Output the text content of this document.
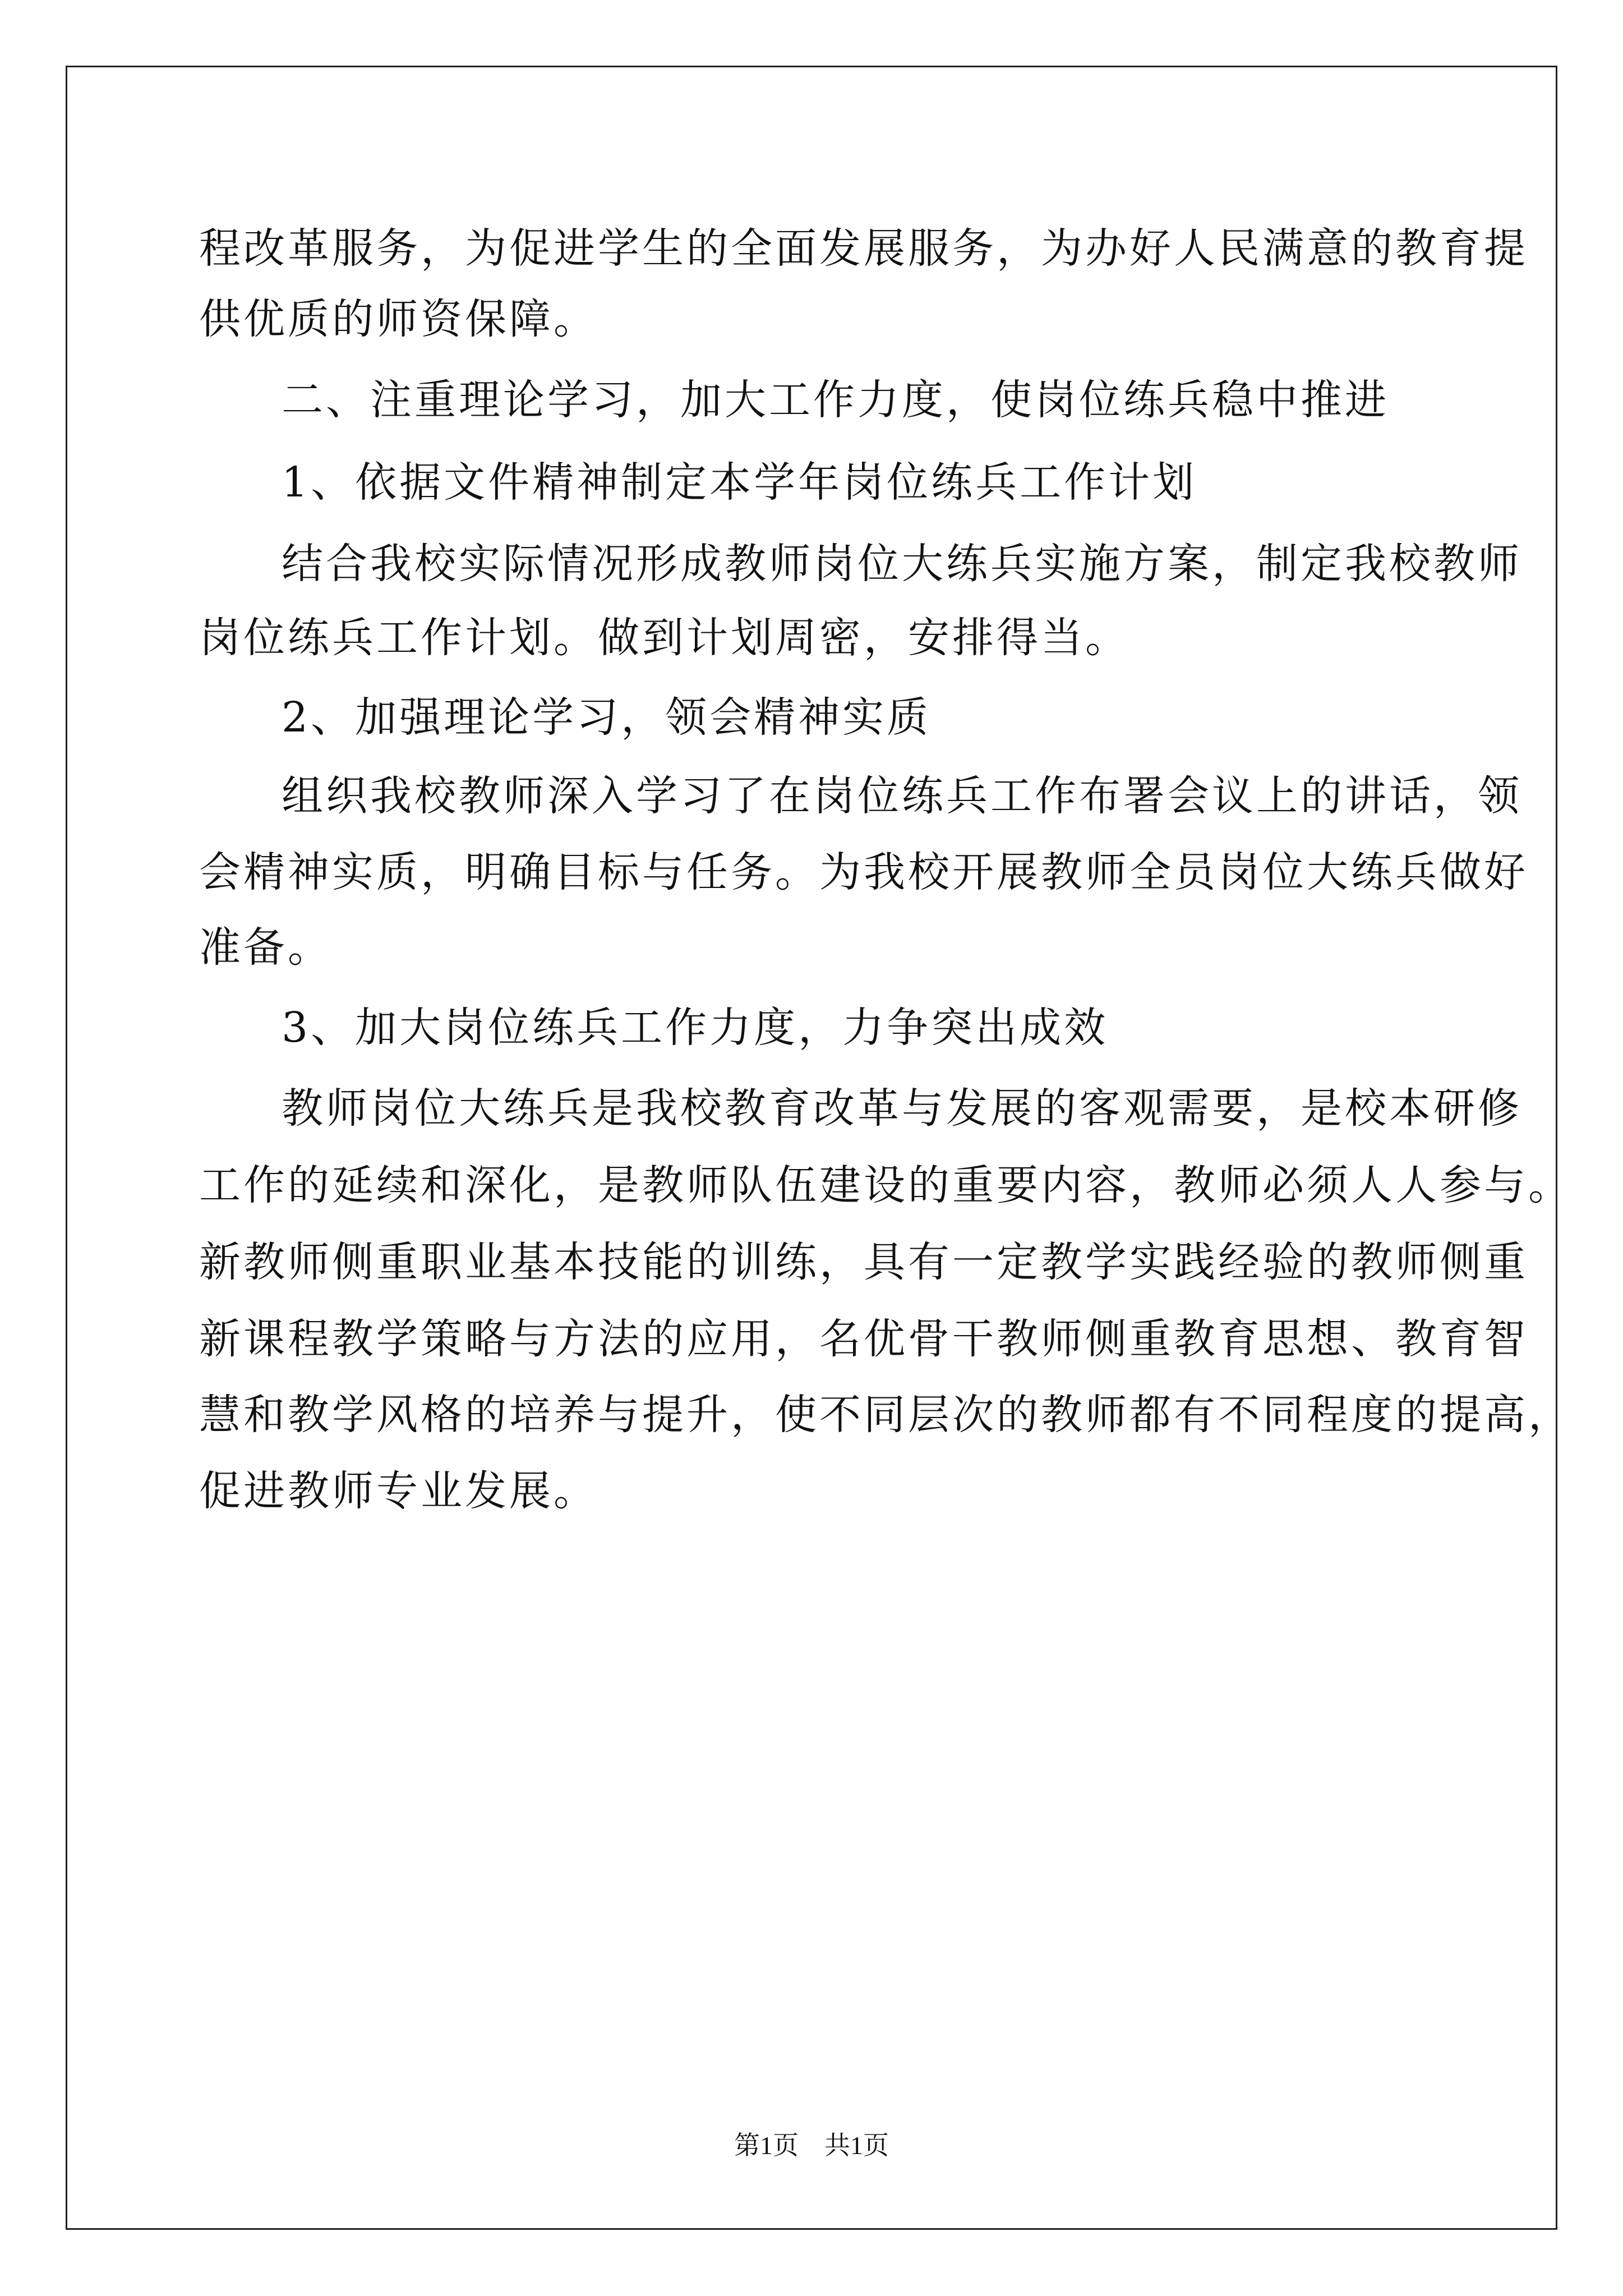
程改革服务，为促进学生的全面发展服务，为办好人民满意的教育提
供优质的师资保障。
二、注重理论学习，加大工作力度，使岗位练兵稳中推进
1、依据文件精神制定本学年岗位练兵工作计划
结合我校实际情况形成教师岗位大练兵实施方案，制定我校教师
岗位练兵工作计划。做到计划周密，安排得当。
2、加强理论学习，领会精神实质
组织我校教师深入学习了在岗位练兵工作布署会议上的讲话，领
会精神实质，明确目标与任务。为我校开展教师全员岗位大练兵做好
准备。
3、加大岗位练兵工作力度，力争突出成效
教师岗位大练兵是我校教育改革与发展的客观需要，是校本研修
工作的延续和深化，是教师队伍建设的重要内容，教师必须人人参与。
新教师侧重职业基本技能的训练，具有一定教学实践经验的教师侧重
新课程教学策略与方法的应用，名优骨干教师侧重教育思想、教育智
慧和教学风格的培养与提升，使不同层次的教师都有不同程度的提高，
促进教师专业发展。
第1页 共1页
